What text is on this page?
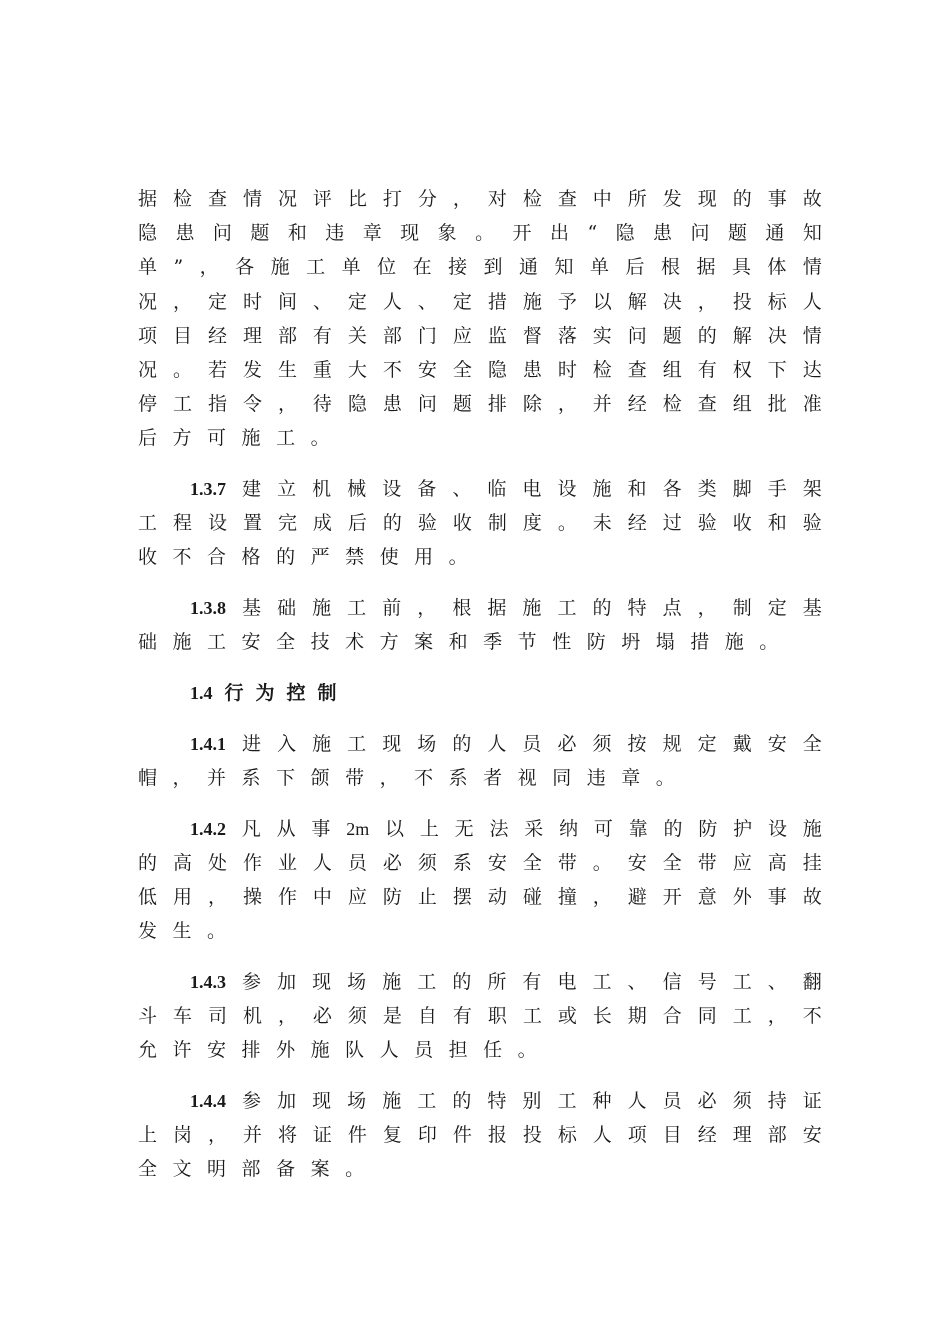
据 检 查 情 况 评 比 打 分 ， 对 检 查 中 所 发 现 的 事 故
隐 患 问 题 和 违 章 现 象 。 开 出 “ 隐 患 问 题 通 知
单 ” ， 各 施 工 单 位 在 接 到 通 知 单 后 根 据 具 体 情
况 ， 定 时 间 、 定 人 、 定 措 施 予 以 解 决 ， 投 标 人
项 目 经 理 部 有 关 部 门 应 监 督 落 实 问 题 的 解 决 情
况 。 若 发 生 重 大 不 安 全 隐 患 时 检 查 组 有 权 下 达
停 工 指 令 ， 待 隐 患 问 题 排 除 ， 并 经 检 查 组 批 准
后 方 可 施 工 。
1.3.7 建 立 机 械 设 备 、 临 电 设 施 和 各 类 脚 手 架
工 程 设 置 完 成 后 的 验 收 制 度 。 未 经 过 验 收 和 验
收 不 合 格 的 严 禁 使 用 。
1.3.8 基 础 施 工 前 ， 根 据 施 工 的 特 点 ， 制 定 基
础 施 工 安 全 技 术 方 案 和 季 节 性 防 坍 塌 措 施 。
1.4 行为控制
1.4.1 进 入 施 工 现 场 的 人 员 必 须 按 规 定 戴 安 全
帽 ， 并 系 下 颌 带 ， 不 系 者 视 同 违 章 。
1.4.2 凡 从 事 2m 以 上 无 法 采 纳 可 靠 的 防 护 设 施
的 高 处 作 业 人 员 必 须 系 安 全 带 。 安 全 带 应 高 挂
低 用 ， 操 作 中 应 防 止 摆 动 碰 撞 ， 避 开 意 外 事 故
发 生 。
1.4.3 参 加 现 场 施 工 的 所 有 电 工 、 信 号 工 、 翻
斗 车 司 机 ， 必 须 是 自 有 职 工 或 长 期 合 同 工 ， 不
允 许 安 排 外 施 队 人 员 担 任 。
1.4.4 参 加 现 场 施 工 的 特 别 工 种 人 员 必 须 持 证
上 岗 ， 并 将 证 件 复 印 件 报 投 标 人 项 目 经 理 部 安
全 文 明 部 备 案 。
